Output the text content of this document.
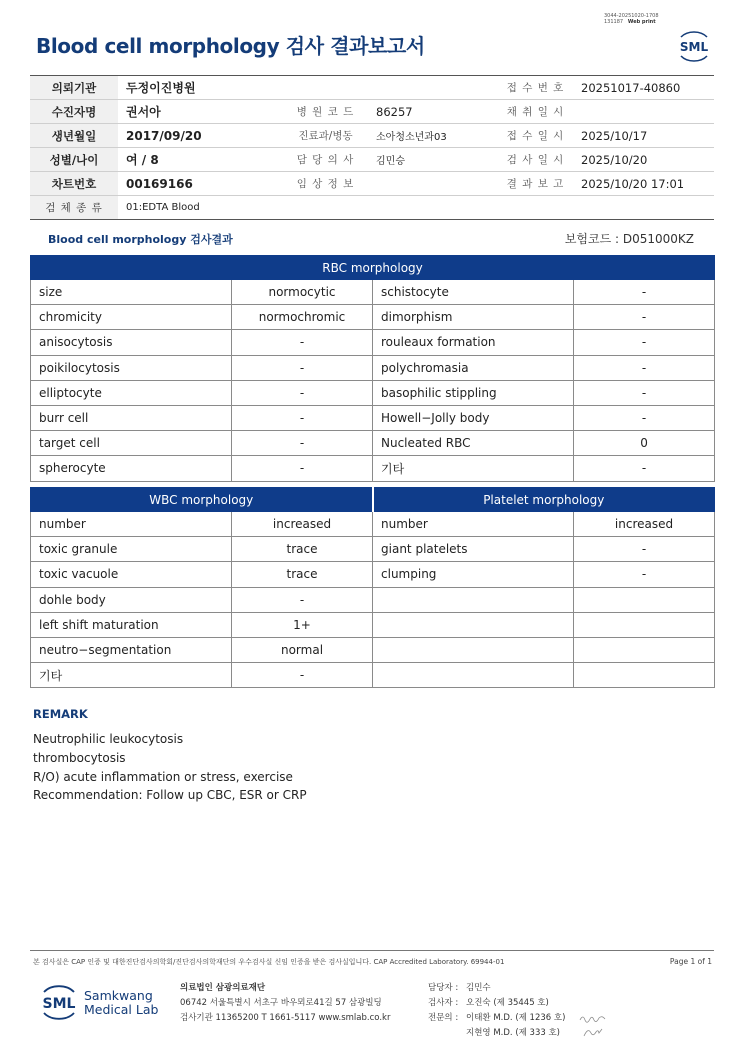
3044-20251020-1708
131187 Web print
Blood cell morphology 검사 결과보고서	SML
의뢰기관	두정이진병원			접 수 번 호	20251017-40860
수진자명	권서아	병 원 코 드	86257	채 취 일 시	
생년월일	2017/09/20	진료과/병동	소아청소년과03	접 수 일 시	2025/10/17
성별/나이	여 / 8	담 당 의 사	김민승	검 사 일 시	2025/10/20
차트번호	00169166	임 상 정 보		결 과 보 고	2025/10/20 17:01
검 체 종 류	01:EDTA Blood				
Blood cell morphology 검사결과	보험코드 : D051000KZ
RBC morphology			
size	normocytic	schistocyte	-
chromicity	normochromic	dimorphism	-
anisocytosis	-	rouleaux formation	-
poikilocytosis	-	polychromasia	-
elliptocyte	-	basophilic stippling	-
burr cell	-	Howell−Jolly body	-
target cell	-	Nucleated RBC	0
spherocyte	-	기타	-
WBC morphology		Platelet morphology	
number	increased	number	increased
toxic granule	trace	giant platelets	-
toxic vacuole	trace	clumping	-
dohle body	-		
left shift maturation	1+		
neutro−segmentation	normal		
기타	-		
REMARK
Neutrophilic leukocytosis
thrombocytosis
R/O) acute inflammation or stress, exercise
Recommendation: Follow up CBC, ESR or CRP
본 검사실은 CAP 인증 및 대한진단검사의학회/진단검사의학재단의 우수검사실 신임 인증을 받은 검사실입니다. CAP Accredited Laboratory. 69944-01	Page 1 of 1
SML
Samkwang
Medical Lab
의료법인 삼광의료재단
06742 서울특별시 서초구 바우뫼로41길 57 삼광빌딩
검사기관 11365200 T 1661-5117 www.smlab.co.kr
담당자 : 김민수
검사자 : 오진숙 (제 35445 호)
전문의 : 이태환 M.D. (제 1236 호)
지현영 M.D. (제 333 호)
